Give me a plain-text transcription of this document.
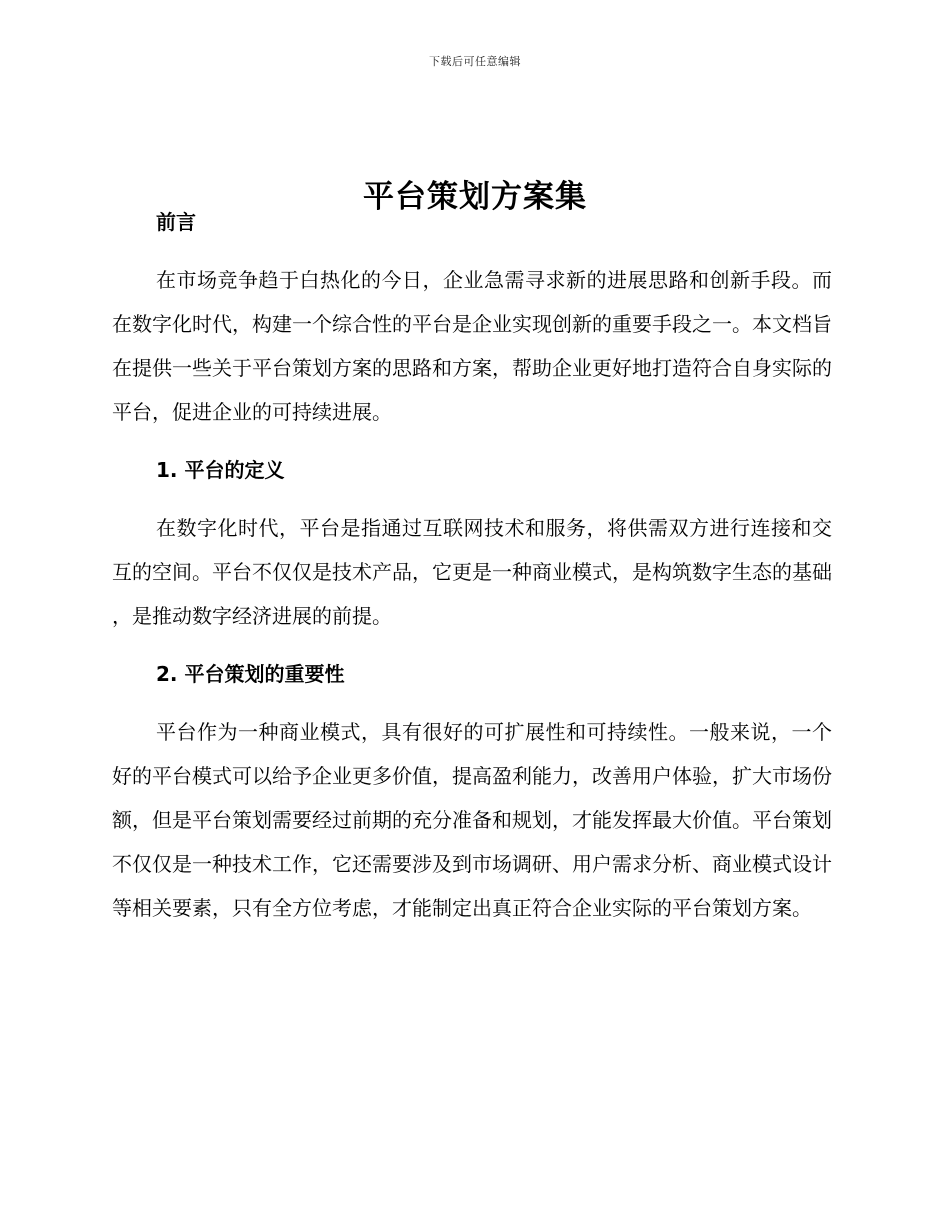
下载后可任意编辑
平台策划方案集
前言

在市场竞争趋于白热化的今日，企业急需寻求新的进展思路和创新手段。而在数字化时代，构建一个综合性的平台是企业实现创新的重要手段之一。本文档旨在提供一些关于平台策划方案的思路和方案，帮助企业更好地打造符合自身实际的平台，促进企业的可持续进展。

1. 平台的定义

在数字化时代，平台是指通过互联网技术和服务，将供需双方进行连接和交互的空间。平台不仅仅是技术产品，它更是一种商业模式，是构筑数字生态的基础，是推动数字经济进展的前提。

2. 平台策划的重要性

平台作为一种商业模式，具有很好的可扩展性和可持续性。一般来说，一个好的平台模式可以给予企业更多价值，提高盈利能力，改善用户体验，扩大市场份额，但是平台策划需要经过前期的充分准备和规划，才能发挥最大价值。平台策划不仅仅是一种技术工作，它还需要涉及到市场调研、用户需求分析、商业模式设计等相关要素，只有全方位考虑，才能制定出真正符合企业实际的平台策划方案。
